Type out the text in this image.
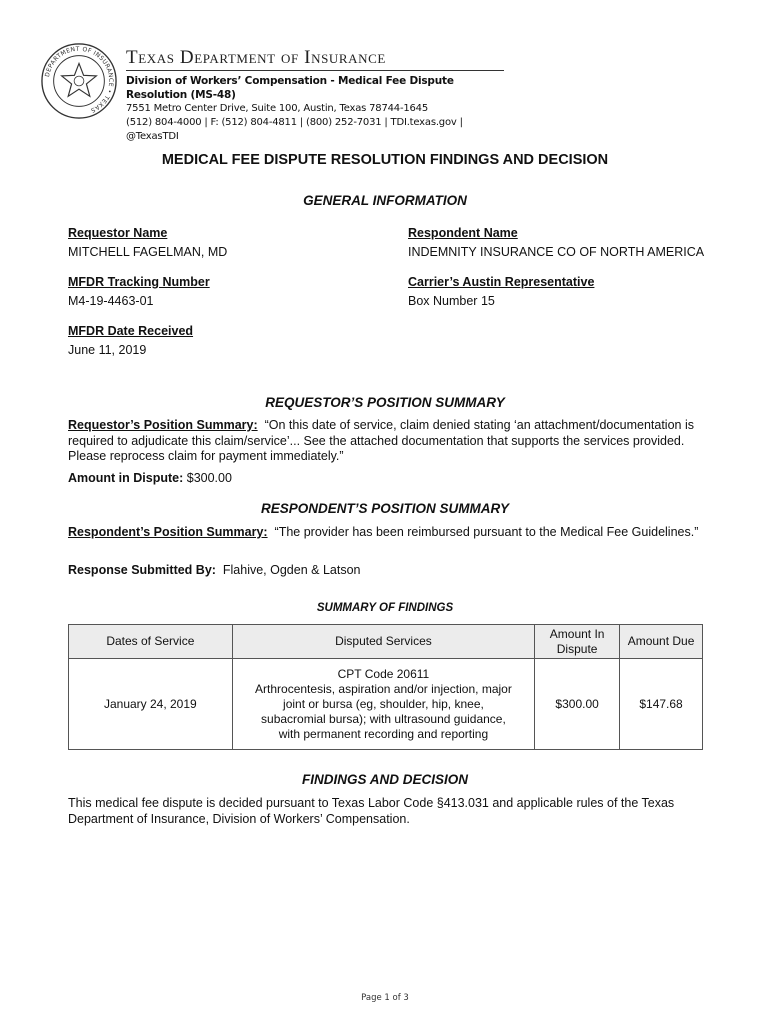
DEPARTMENT OF INSURANCE • TEXAS
Texas Department of Insurance
Division of Workers’ Compensation - Medical Fee Dispute Resolution (MS-48)
7551 Metro Center Drive, Suite 100, Austin, Texas 78744-1645
(512) 804-4000 | F: (512) 804-4811 | (800) 252-7031 | TDI.texas.gov | @TexasTDI
MEDICAL FEE DISPUTE RESOLUTION FINDINGS AND DECISION
GENERAL INFORMATION
Requestor Name
MITCHELL FAGELMAN, MD
Respondent Name
INDEMNITY INSURANCE CO OF NORTH AMERICA
MFDR Tracking Number
M4-19-4463-01
Carrier’s Austin Representative
Box Number 15
MFDR Date Received
June 11, 2019
REQUESTOR’S POSITION SUMMARY
Requestor’s Position Summary: “On this date of service, claim denied stating ‘an attachment/documentation is required to adjudicate this claim/service’... See the attached documentation that supports the services provided. Please reprocess claim for payment immediately.”
Amount in Dispute: $300.00
RESPONDENT’S POSITION SUMMARY
Respondent’s Position Summary: “The provider has been reimbursed pursuant to the Medical Fee Guidelines.”
Response Submitted By: Flahive, Ogden & Latson
SUMMARY OF FINDINGS
Dates of Service	Disputed Services	Amount In Dispute	Amount Due
January 24, 2019	CPT Code 20611
Arthrocentesis, aspiration and/or injection, major
joint or bursa (eg, shoulder, hip, knee,
subacromial bursa); with ultrasound guidance,
with permanent recording and reporting	$300.00	$147.68
FINDINGS AND DECISION
This medical fee dispute is decided pursuant to Texas Labor Code §413.031 and applicable rules of the Texas Department of Insurance, Division of Workers’ Compensation.
Page 1 of 3
